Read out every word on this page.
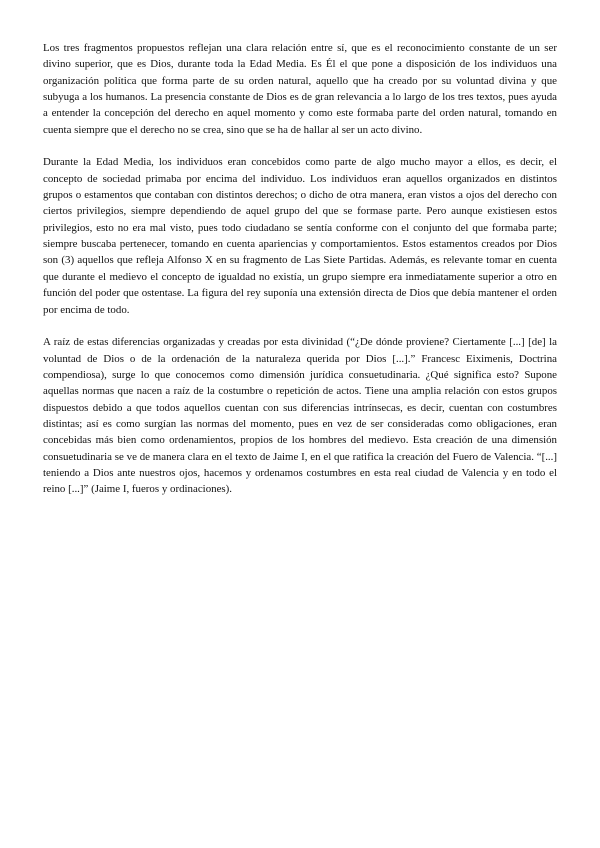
Los tres fragmentos propuestos reflejan una clara relación entre sí, que es el reconocimiento constante de un ser divino superior, que es Dios, durante toda la Edad Media. Es Él el que pone a disposición de los individuos una organización política que forma parte de su orden natural, aquello que ha creado por su voluntad divina y que subyuga a los humanos. La presencia constante de Dios es de gran relevancia a lo largo de los tres textos, pues ayuda a entender la concepción del derecho en aquel momento y como este formaba parte del orden natural, tomando en cuenta siempre que el derecho no se crea, sino que se ha de hallar al ser un acto divino.

Durante la Edad Media, los individuos eran concebidos como parte de algo mucho mayor a ellos, es decir, el concepto de sociedad primaba por encima del individuo. Los individuos eran aquellos organizados en distintos grupos o estamentos que contaban con distintos derechos; o dicho de otra manera, eran vistos a ojos del derecho con ciertos privilegios, siempre dependiendo de aquel grupo del que se formase parte. Pero aunque existiesen estos privilegios, esto no era mal visto, pues todo ciudadano se sentía conforme con el conjunto del que formaba parte; siempre buscaba pertenecer, tomando en cuenta apariencias y comportamientos. Estos estamentos creados por Dios son (3) aquellos que refleja Alfonso X en su fragmento de Las Siete Partidas. Además, es relevante tomar en cuenta que durante el medievo el concepto de igualdad no existía, un grupo siempre era inmediatamente superior a otro en función del poder que ostentase. La figura del rey suponía una extensión directa de Dios que debía mantener el orden por encima de todo.

A raíz de estas diferencias organizadas y creadas por esta divinidad (“¿De dónde proviene? Ciertamente [...] [de] la voluntad de Dios o de la ordenación de la naturaleza querida por Dios [...].” Francesc Eiximenis, Doctrina compendiosa), surge lo que conocemos como dimensión jurídica consuetudinaria. ¿Qué significa esto? Supone aquellas normas que nacen a raíz de la costumbre o repetición de actos. Tiene una amplia relación con estos grupos dispuestos debido a que todos aquellos cuentan con sus diferencias intrínsecas, es decir, cuentan con costumbres distintas; así es como surgían las normas del momento, pues en vez de ser consideradas como obligaciones, eran concebidas más bien como ordenamientos, propios de los hombres del medievo. Esta creación de una dimensión consuetudinaria se ve de manera clara en el texto de Jaime I, en el que ratifica la creación del Fuero de Valencia. “[...] teniendo a Dios ante nuestros ojos, hacemos y ordenamos costumbres en esta real ciudad de Valencia y en todo el reino [...]” (Jaime I, fueros y ordinaciones).
